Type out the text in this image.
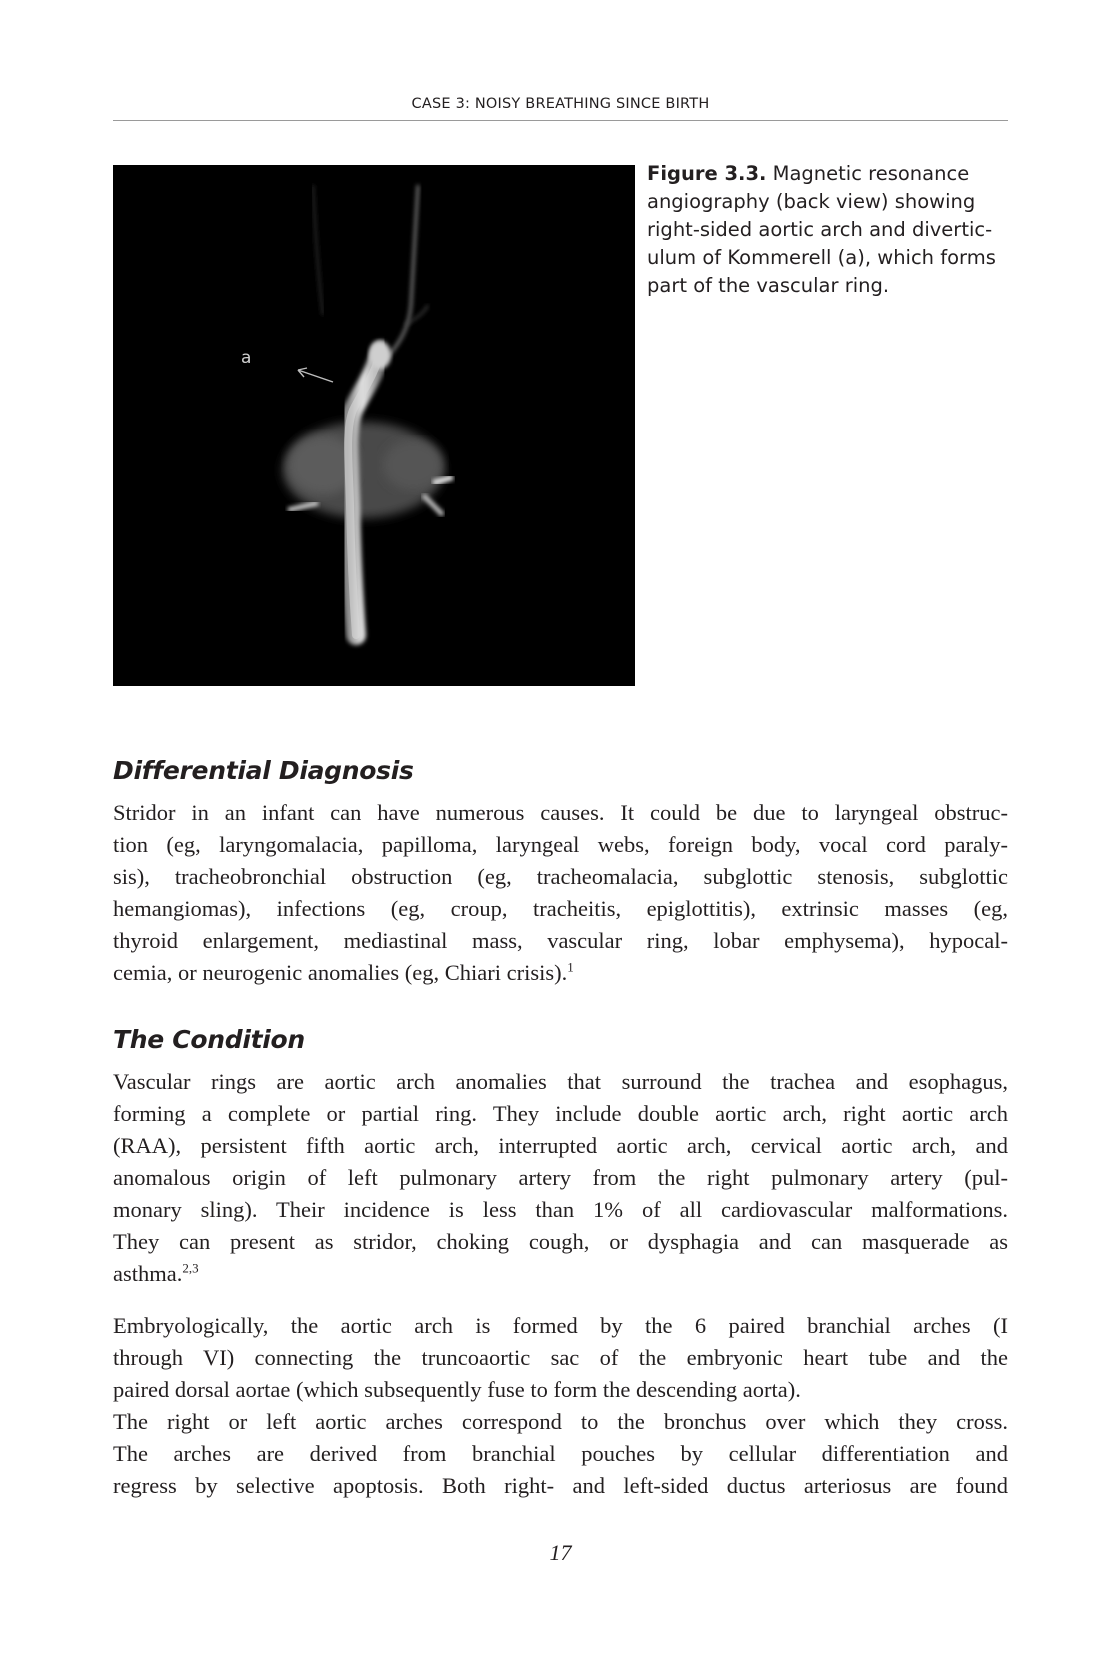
CASE 3: NOISY BREATHING SINCE BIRTH
a
Figure 3.3. Magnetic resonance
angiography (back view) showing
right-sided aortic arch and divertic-
ulum of Kommerell (a), which forms
part of the vascular ring.
Differential Diagnosis
Stridor in an infant can have numerous causes. It could be due to laryngeal obstruc-
tion (eg, laryngomalacia, papilloma, laryngeal webs, foreign body, vocal cord paraly-
sis), tracheobronchial obstruction (eg, tracheomalacia, subglottic stenosis, subglottic
hemangiomas), infections (eg, croup, tracheitis, epiglottitis), extrinsic masses (eg,
thyroid enlargement, mediastinal mass, vascular ring, lobar emphysema), hypocal-
cemia, or neurogenic anomalies (eg, Chiari crisis).$^1$
The Condition
Vascular rings are aortic arch anomalies that surround the trachea and esophagus,
forming a complete or partial ring. They include double aortic arch, right aortic arch
(RAA), persistent fifth aortic arch, interrupted aortic arch, cervical aortic arch, and
anomalous origin of left pulmonary artery from the right pulmonary artery (pul-
monary sling). Their incidence is less than 1% of all cardiovascular malformations.
They can present as stridor, choking cough, or dysphagia and can masquerade as
asthma.$^{2,3}$
Embryologically, the aortic arch is formed by the 6 paired branchial arches (I
through VI) connecting the truncoaortic sac of the embryonic heart tube and the
paired dorsal aortae (which subsequently fuse to form the descending aorta).
The right or left aortic arches correspond to the bronchus over which they cross.
The arches are derived from branchial pouches by cellular differentiation and
regress by selective apoptosis. Both right- and left-sided ductus arteriosus are found
17
